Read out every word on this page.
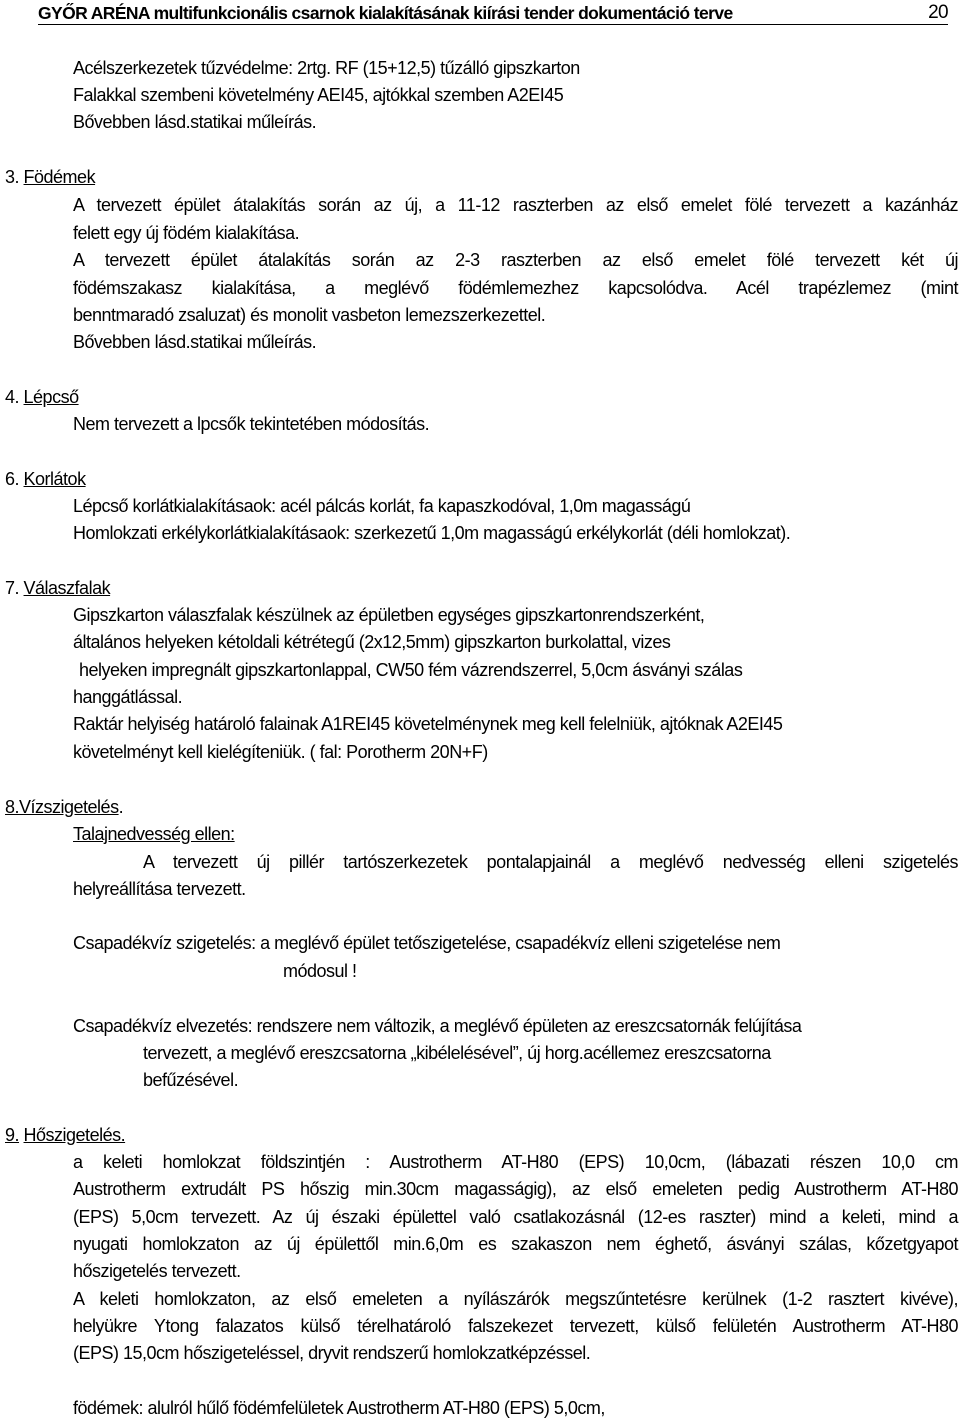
GYŐR ARÉNA multifunkcionális csarnok kialakításának kiírási tender dokumentáció terve	20
Acélszerkezetek tűzvédelme: 2rtg. RF (15+12,5) tűzálló gipszkarton
Falakkal szembeni követelmény AEI45, ajtókkal szemben A2EI45
Bővebben lásd.statikai műleírás.
3. Födémek
A tervezett épület átalakítás során az új, a 11-12 raszterben az első emelet fölé tervezett a kazánház
felett egy új födém kialakítása.
A tervezett épület átalakítás során az 2-3 raszterben az első emelet fölé tervezett két új
födémszakasz kialakítása, a meglévő födémlemezhez kapcsolódva. Acél trapézlemez (mint
benntmaradó zsaluzat) és monolit vasbeton lemezszerkezettel.
Bővebben lásd.statikai műleírás.
4. Lépcső
Nem tervezett a lpcsők tekintetében módosítás.
6. Korlátok
Lépcső korlátkialakításaok: acél pálcás korlát, fa kapaszkodóval, 1,0m magasságú
Homlokzati erkélykorlátkialakításaok: szerkezetű 1,0m magasságú erkélykorlát (déli homlokzat).
7. Válaszfalak
Gipszkarton válaszfalak készülnek az épületben egységes gipszkartonrendszerként,
általános helyeken kétoldali kétrétegű (2x12,5mm) gipszkarton burkolattal, vizes
helyeken impregnált gipszkartonlappal, CW50 fém vázrendszerrel, 5,0cm ásványi szálas
hanggátlással.
Raktár helyiség határoló falainak A1REI45 követelménynek meg kell felelniük, ajtóknak A2EI45
követelményt kell kielégíteniük. ( fal: Porotherm 20N+F)
8.Vízszigetelés.
Talajnedvesség ellen:
A tervezett új pillér tartószerkezetek pontalapjainál a meglévő nedvesség elleni szigetelés
helyreállítása tervezett.
Csapadékvíz szigetelés: a meglévő épület tetőszigetelése, csapadékvíz elleni szigetelése nem
módosul !
Csapadékvíz elvezetés: rendszere nem változik, a meglévő épületen az ereszcsatornák felújítása
tervezett, a meglévő ereszcsatorna „kibélelésével”, új horg.acéllemez ereszcsatorna
befűzésével.
9. Hőszigetelés.
a keleti homlokzat földszintjén : Austrotherm AT-H80 (EPS) 10,0cm, (lábazati részen 10,0 cm
Austrotherm extrudált PS hőszig min.30cm magasságig), az első emeleten pedig Austrotherm AT-H80
(EPS) 5,0cm tervezett. Az új északi épülettel való csatlakozásnál (12-es raszter) mind a keleti, mind a
nyugati homlokzaton az új épülettől min.6,0m es szakaszon nem éghető, ásványi szálas, kőzetgyapot
hőszigetelés tervezett.
A keleti homlokzaton, az első emeleten a nyílászárók megszűntetésre kerülnek (1-2 rasztert kivéve),
helyükre Ytong falazatos külső térelhatároló falszekezet tervezett, külső felületén Austrotherm AT-H80
(EPS) 15,0cm hőszigeteléssel, dryvit rendszerű homlokzatképzéssel.
födémek: alulról hűlő födémfelületek Austrotherm AT-H80 (EPS) 5,0cm,
